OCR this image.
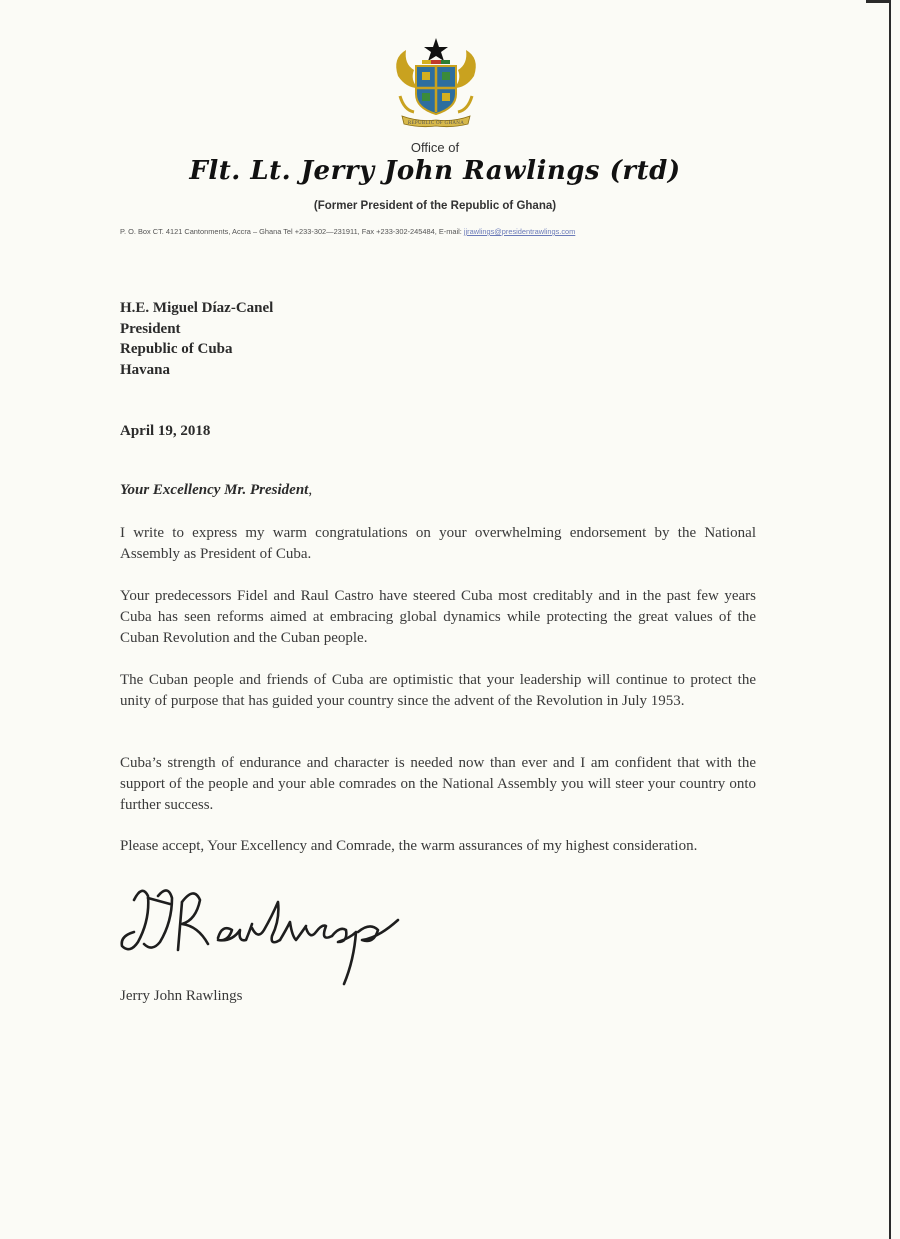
REPUBLIC OF GHANA
Office of
Flt. Lt. Jerry John Rawlings (rtd)
(Former President of the Republic of Ghana)
P. O. Box CT. 4121 Cantonments, Accra – Ghana Tel +233-302—231911, Fax +233-302-245484, E-mail: jjrawlings@presidentrawlings.com
H.E. Miguel Díaz-Canel
President
Republic of Cuba
Havana
April 19, 2018
Your Excellency Mr. President,
I write to express my warm congratulations on your overwhelming endorsement by the National Assembly as President of Cuba.
Your predecessors Fidel and Raul Castro have steered Cuba most creditably and in the past few years Cuba has seen reforms aimed at embracing global dynamics while protecting the great values of the Cuban Revolution and the Cuban people.
The Cuban people and friends of Cuba are optimistic that your leadership will continue to protect the unity of purpose that has guided your country since the advent of the Revolution in July 1953.
Cuba’s strength of endurance and character is needed now than ever and I am confident that with the support of the people and your able comrades on the National Assembly you will steer your country onto further success.
Please accept, Your Excellency and Comrade, the warm assurances of my highest consideration.
Jerry John Rawlings
